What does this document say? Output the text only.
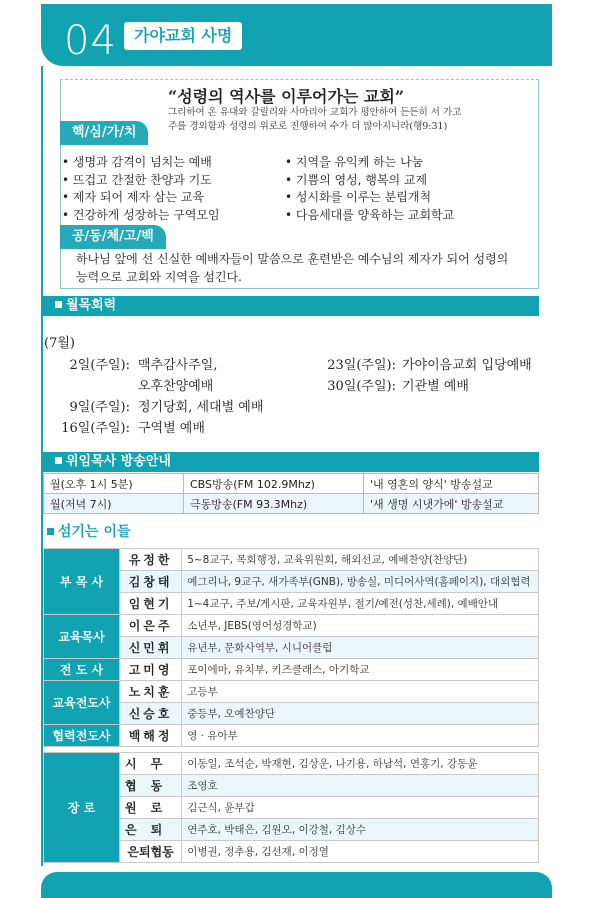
04	가야교회 사명
“성령의 역사를 이루어가는 교회”
그리하여 온 유대와 갈릴리와 사마리아 교회가 평안하여 든든히 서 가고
주를 경외함과 성령의 위로로 진행하여 수가 더 많아지니라(행9:31)
핵/심/가/치
• 생명과 감격이 넘치는 예배
• 뜨겁고 간절한 찬양과 기도
• 제자 되어 제자 삼는 교육
• 건강하게 성장하는 구역모임
• 지역을 유익케 하는 나눔
• 기쁨의 영성, 행복의 교제
• 성시화를 이루는 분립개척
• 다음세대를 양육하는 교회학교
공/동/체/고/백
하나님 앞에 선 신실한 예배자들이 말씀으로 훈련받은 예수님의 제자가 되어 성령의
능력으로 교회와 지역을 섬긴다.
월목회력
(7월)
2일(주일): 맥추감사주일,
오후찬양예배
9일(주일): 정기당회, 세대별 예배
16일(주일): 구역별 예배
23일(주일): 가야이음교회 입당예배
30일(주일): 기관별 예배
위임목사 방송안내
월(오후 1시 5분)	CBS방송(FM 102.9Mhz)	'내 영혼의 양식' 방송설교
월(저녁 7시)	극동방송(FM 93.3Mhz)	'새 생명 시냇가에' 방송설교
섬기는 이들
부 목 사	유정한	5~8교구, 목회행정, 교육위원회, 해외선교, 예배찬양(찬양단)
	김창태	예그리나, 9교구, 새가족부(GNB), 방송실, 미디어사역(홈페이지), 대외협력
	임현기	1~4교구, 주보/게시판, 교육자원부, 절기/예전(성찬,세례), 예배안내
교육목사	이은주	소년부, JEBS(영어성경학교)
	신민휘	유년부, 문화사역부, 시니어클럽
전 도 사	고미영	포이에마, 유치부, 키즈클래스, 아기학교
교육전도사	노치훈	고등부
	신승호	중등부, 오예찬양단
협력전도사	백해정	영 · 유아부

장 로	시무	이동일, 조석순, 박재현, 김상운, 나기용, 하남석, 연홍기, 강동윤
	협동	조영호
	원로	김근식, 윤부갑
	은퇴	연주호, 박태은, 김원오, 이강철, 김상수
	은퇴협동	이병권, 정추용, 김선재, 이정열
